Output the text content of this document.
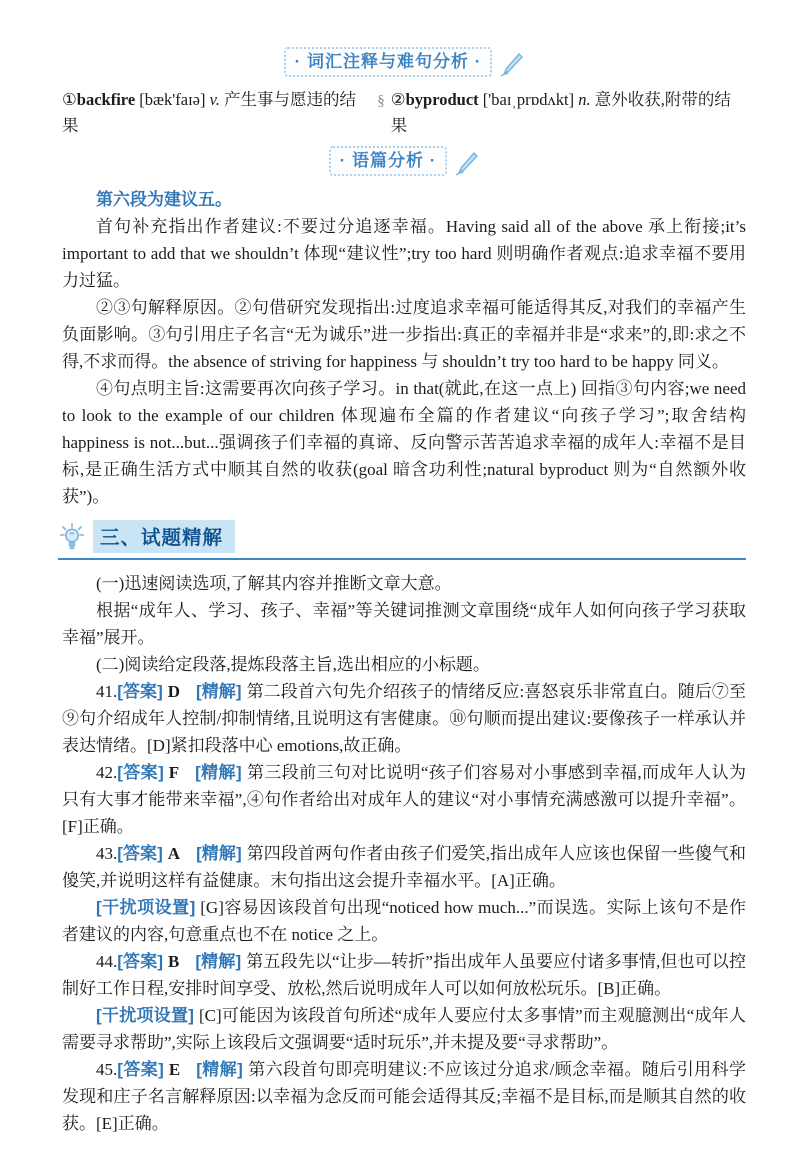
· 词汇注释与难句分析 ·
①backfire [bæk'faɪə] v. 产生事与愿违的结果
§ ②byproduct ['baɪˌprɒdʌkt] n. 意外收获,附带的结果
· 语篇分析 ·

第六段为建议五。

首句补充指出作者建议:不要过分追逐幸福。Having said all of the above 承上衔接;it’s important to add that we shouldn’t 体现“建议性”;try too hard 则明确作者观点:追求幸福不要用力过猛。

②③句解释原因。②句借研究发现指出:过度追求幸福可能适得其反,对我们的幸福产生负面影响。③句引用庄子名言“无为诚乐”进一步指出:真正的幸福并非是“求来”的,即:求之不得,不求而得。the absence of striving for happiness 与 shouldn’t try too hard to be happy 同义。

④句点明主旨:这需要再次向孩子学习。in that(就此,在这一点上) 回指③句内容;we need to look to the example of our children 体现遍布全篇的作者建议“向孩子学习”;取舍结构 happiness is not...but...强调孩子们幸福的真谛、反向警示苦苦追求幸福的成年人:幸福不是目标,是正确生活方式中顺其自然的收获(goal 暗含功利性;natural byproduct 则为“自然额外收获”)。

三、试题精解

(一)迅速阅读选项,了解其内容并推断文章大意。

根据“成年人、学习、孩子、幸福”等关键词推测文章围绕“成年人如何向孩子学习获取幸福”展开。

(二)阅读给定段落,提炼段落主旨,选出相应的小标题。

41.[答案] D [精解] 第二段首六句先介绍孩子的情绪反应:喜怒哀乐非常直白。随后⑦至⑨句介绍成年人控制/抑制情绪,且说明这有害健康。⑩句顺而提出建议:要像孩子一样承认并表达情绪。[D]紧扣段落中心 emotions,故正确。

42.[答案] F [精解] 第三段前三句对比说明“孩子们容易对小事感到幸福,而成年人认为只有大事才能带来幸福”,④句作者给出对成年人的建议“对小事情充满感激可以提升幸福”。[F]正确。

43.[答案] A [精解] 第四段首两句作者由孩子们爱笑,指出成年人应该也保留一些傻气和傻笑,并说明这样有益健康。末句指出这会提升幸福水平。[A]正确。

[干扰项设置] [G]容易因该段首句出现“noticed how much...”而误选。实际上该句不是作者建议的内容,句意重点也不在 notice 之上。

44.[答案] B [精解] 第五段先以“让步—转折”指出成年人虽要应付诸多事情,但也可以控制好工作日程,安排时间享受、放松,然后说明成年人可以如何放松玩乐。[B]正确。

[干扰项设置] [C]可能因为该段首句所述“成年人要应付太多事情”而主观臆测出“成年人需要寻求帮助”,实际上该段后文强调要“适时玩乐”,并未提及要“寻求帮助”。

45.[答案] E [精解] 第六段首句即亮明建议:不应该过分追求/顾念幸福。随后引用科学发现和庄子名言解释原因:以幸福为念反而可能会适得其反;幸福不是目标,而是顺其自然的收获。[E]正确。
